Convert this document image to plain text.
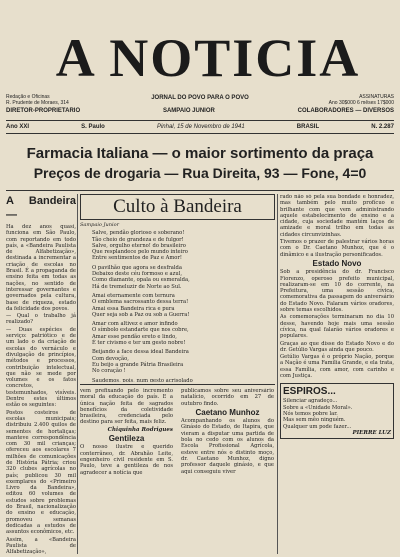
A NOTICIA
Redação e Oficinas
R. Prudente de Moraes, 314
JORNAL DO POVO PARA O POVO	ASSINATURAS
Ano 30$000 6 mêses 17$000
DIRETOR-PROPRIETARIO	SAMPAIO JUNIOR	COLABORADORES — DIVERSOS
Ano XXI	S. Paulo	Pinhal, 15 de Novembro de 1941	BRASIL	N. 2.287
Farmacia Italiana — o maior sortimento da praça
Preços de drogaria — Rua Direita, 93 — Fone, 4=0
A Bandeira —

Ha dez anos quasi, funciona em São Paulo, com reportando em todo país, a «Bandeira Paulista de Alfabetização», destinada a incrementar a criação de escolas no Brasil. É a propaganda de ensino feita em todas as nações, no sentido de interessar governantes e governados pela cultura, base de riqueza, estado da felicidade dos povos.

— Qual o trabalho já realizado?

— Duas espécies de serviço: patriótico e de um lado o da criação de escolas do vernáculo e divulgação de princípios, métodos e processos, contribuição intelectual, que não se mede por volumes e os fatos concretos, testemunhados, visíveis. Dentre estes últimos estão os seguintes:

Postos costeiros de escolas municipais; distribuiu 2.400 quilos de sementes de hortaliças; manteve correspondência com 30 mil crianças; ofereceu aos escolares 7 milhões de comunicações de História Pátria; criou 320 clubes agrícolas no país; publicou 30 mil exemplares do «Primeiro Livro da Bandeira», editou 60 volumes de estudos sobre problemas do Brasil, nacionalização do ensino e educação, promoveu semanas dedicadas a estudos de assuntos econômicos, etc.

Assim, a «Bandeira Paulista de Alfabetização»,

Culto à Bandeira
Sampaio Junior

Salve, pendão glorioso e soberano!

Tão cheio de grandeza e de fulgor!

Salve, orgulho eterno! do brasileiro

Que resplandece pelo mundo inteiro

Entre sentimentos de Paz e Amor!

O pavilhão que agora se desfralda

Debaixo deste céu formoso e azul,

Como diamante, opala ou esmeralda,

Há de tremeluzir de Norte ao Sul.

Amai eternamente com ternura

O emblema sacrossanto dessa terra!

Amai essa Bandeira rica e pura

Quer seja sob a Paz ou sob a Guerra!

Amar com altivez e amor infindo

O símbolo estandarte que nos cobre,

Amar esse pendão ereto e lindo,

É ter civismo e ter um gesto nobre!

Beijando a face dessa ideal Bandeira

Com devoção,

Eu beijo a grande Pátria Brasileira

No coração !

Saudemos, pois, num gesto acrisolado

vem prefixando pelo incremento moral da educação do país. E a única nação feita de sagrados benefícios da coletividade brasileira, credenciada pelo destino para ser feita, mais feliz.

Chiquinha Rodrigues
Gentileza

O nosso ilustre e querido conterrâneo, dr. Abrahão Leite, engenheiro civil residente em S. Paulo, teve a gentileza de nos agradecer a notícia que

publicamos sobre seu aniversário natalício, ocorrido em 27 de outubro findo.

Caetano Munhoz

Acompanhando os alunos do Ginásio do Estado, de Itapira, que vieram a disputar uma partida de bola no cedo com os alunos da Escola Profissional Agrícola, esteve entre nós o distinto moço, dr. Caetano Munhoz, digno professor daquele ginásio, e que aqui conseguiu viver

rado não só pela sua bondade e honradez, mas também pelo muito profícuo e brilhante com que vem administrando aquele estabelecimento de ensino e a cidade, cuja sociedade mantém laços de amizade e moral trilho em todas as cidades circunvizinhas.

Tivemos o prazer de palestrar vários horas com o Dr. Caetano Munhoz, que é o dinâmico e a ilustração personificados.

Estado Novo

Sob a presidência do dr. Francisco Fiorenzo, operoso prefeito municipal, realizaram-se em 10 do corrente, na Prefeitura, uma sessão cívica, comemorativa da passagem do aniversário do Estado Novo. Falaram vários oradores, sobre temas escolhidos.

As comemorações terminaram no dia 10 desse, havendo hoje mais uma sessão cívica, na qual falarão vários oradores e populares.

Graças ao que disse do Estado Novo e do dr. Getúlio Vargas ainda que pouco.

Getúlio Vargas é o próprio Nação, porque a Nação é uma Família Grande, e ela trata, essa Família, com amor, com carinho e com Justiça.

ESPIROS...
Silenciar agradeço...
Sobre a «Unidade Moral».
Nós temos pobre lar.
Mas sem mêo ninguém.
Qualquer um pode fazer...
PIERRE LUZ
